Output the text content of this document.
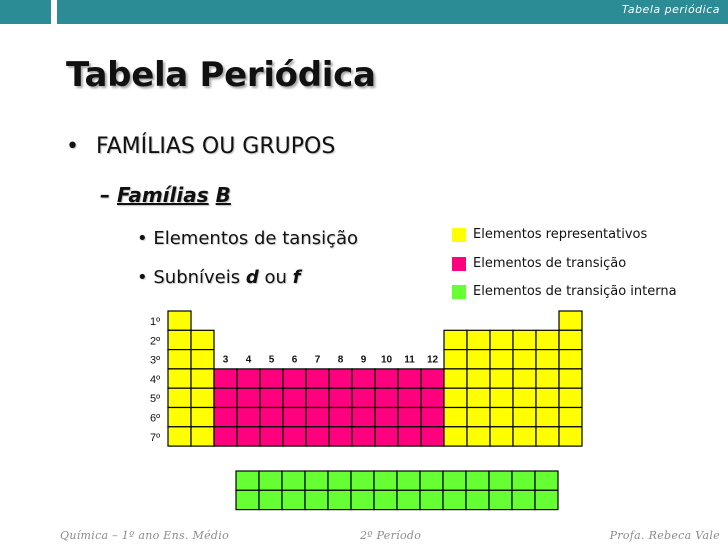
Tabela periódica
Tabela Periódica
• FAMÍLIAS OU GRUPOS
– Famílias B
• Elementos de tansição
• Subníveis d ou f
Elementos representativos
Elementos de transição
Elementos de transição interna
1º
2º
3º
4º
5º
6º
7º
3 4 5 6 7 8 9 10 11 12
Química – 1º ano Ens. Médio	2º Período	Profa. Rebeca Vale
